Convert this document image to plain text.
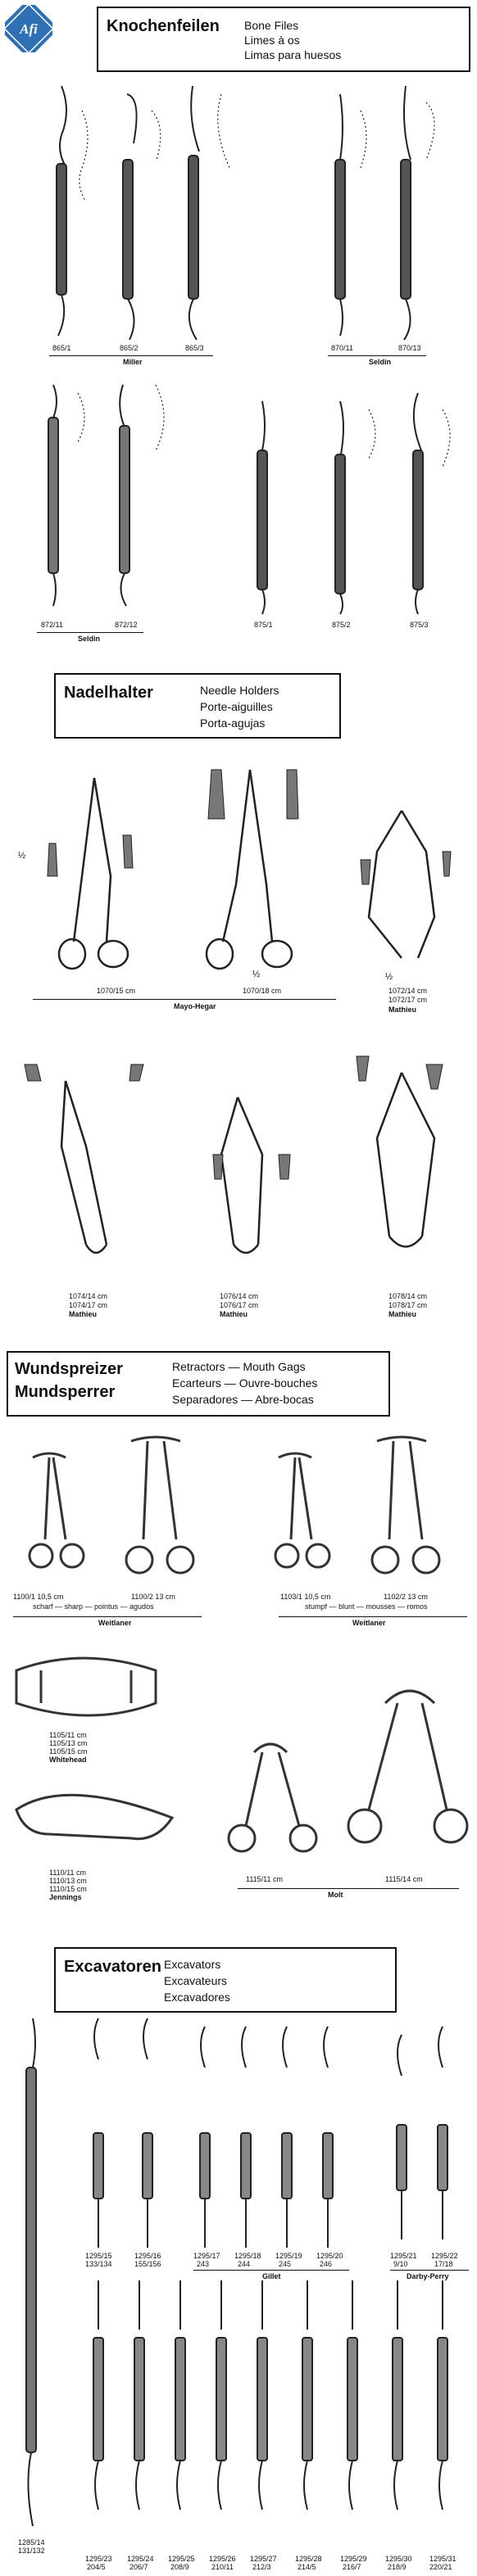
Afi	Knochenfeilen Bone Files
Limes à os
Limas para huesos
865/1	865/2	865/3	870/11	870/13
Miller	Seldin
872/11	872/12	875/1	875/2	875/3
Seldin
Nadelhalter	Needle Holders
Porte-aiguilles
Porta-agujas
½
½	½
1070/15 cm	1070/18 cm	1072/14 cm
1072/17 cm
Mathieu
Mayo-Hegar
1074/14 cm
1074/17 cm
Mathieu
1076/14 cm
1076/17 cm
Mathieu
1078/14 cm
1078/17 cm
Mathieu
Wundspreizer
Mundsperrer
Retractors — Mouth Gags
Ecarteurs — Ouvre-bouches
Separadores — Abre-bocas
1100/1 10,5 cm	1100/2 13 cm	1103/1 10,5 cm	1102/2 13 cm
scharf — sharp — pointus — agudos	stumpf — blunt — mousses — romos
Weitlaner	Weitlaner
1105/11 cm
1105/13 cm
1105/15 cm
Whitehead
1110/11 cm
1110/13 cm
1110/15 cm
Jennings
1115/11 cm	1115/14 cm
Molt
Excavatoren Excavators
Excavateurs
Excavadores
1295/15
133/134
1295/16
155/156
1295/17
243
1295/18
244
1295/19
245
1295/20
246
1295/21
9/10
1295/22
17/18
Gillet	Darby-Perry
1285/14
131/132
1295/23
204/5
1295/24
206/7
1295/25
208/9
1295/26
210/11
1295/27
212/3
1295/28
214/5
1295/29
216/7
1295/30
218/9
1295/31
220/21
